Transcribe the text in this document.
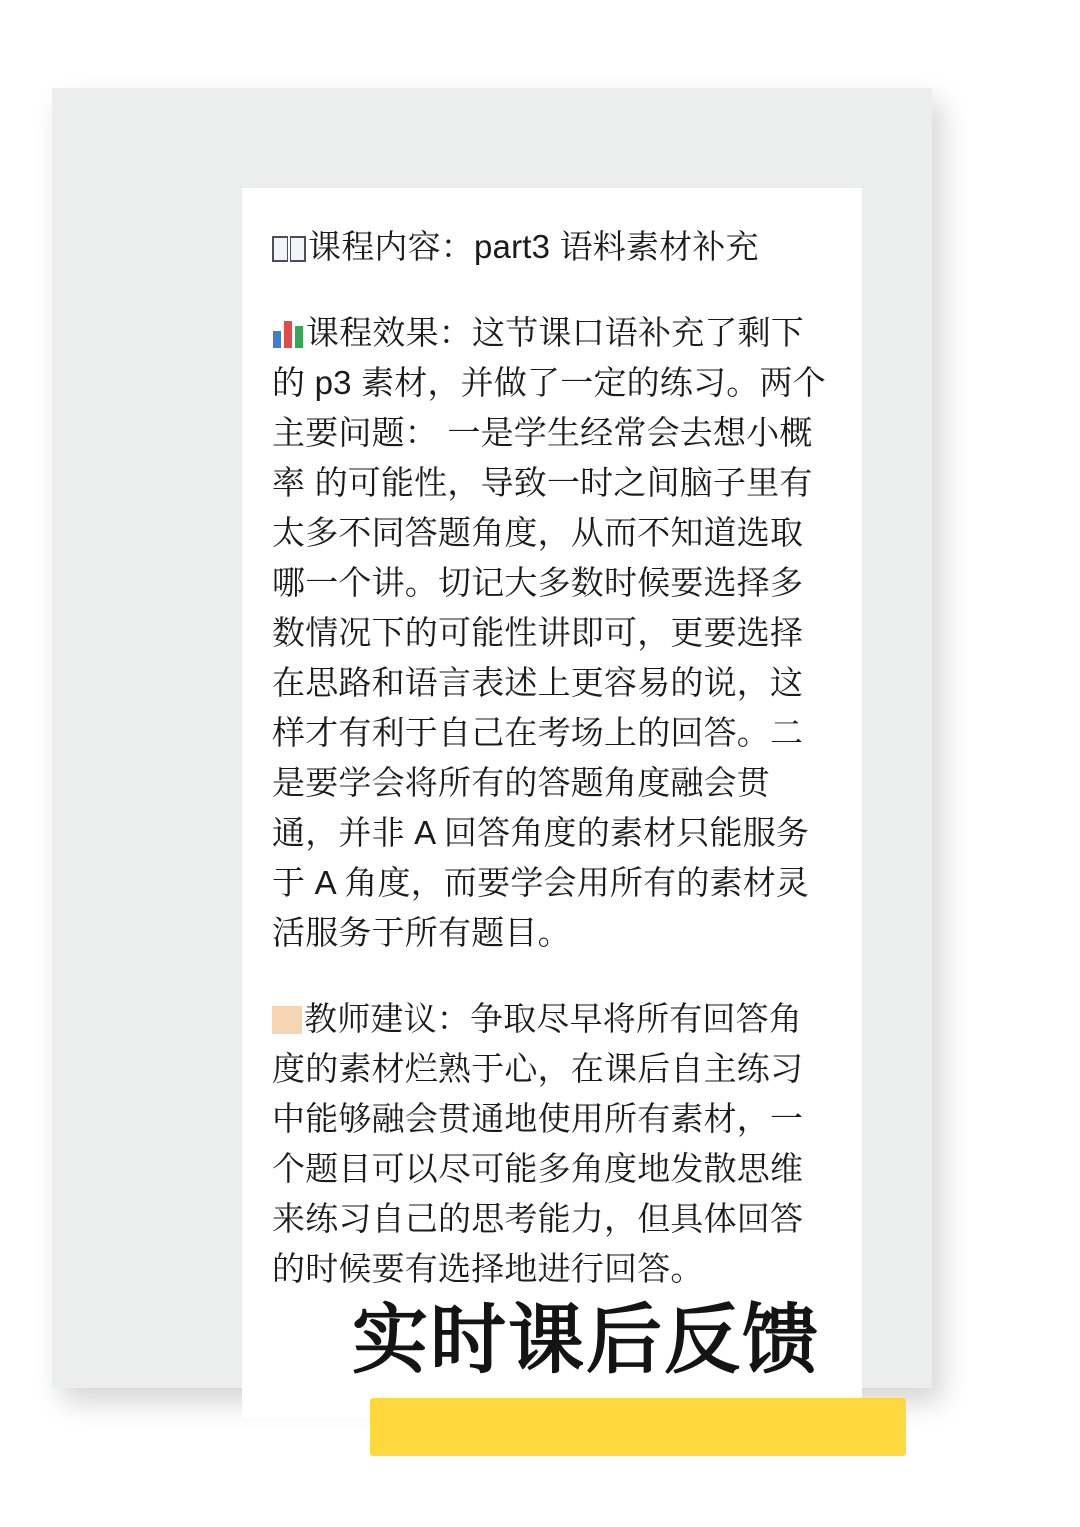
课程内容：part3 语料素材补充

课程效果：这节课口语补充了剩下的 p3 素材，并做了一定的练习。两个主要问题： 一是学生经常会去想小概率 的可能性，导致一时之间脑子里有太多不同答题角度，从而不知道选取哪一个讲。切记大多数时候要选择多数情况下的可能性讲即可，更要选择在思路和语言表述上更容易的说，这样才有利于自己在考场上的回答。二是要学会将所有的答题角度融会贯通，并非 A 回答角度的素材只能服务于 A 角度，而要学会用所有的素材灵活服务于所有题目。

教师建议：争取尽早将所有回答角度的素材烂熟于心，在课后自主练习中能够融会贯通地使用所有素材，一个题目可以尽可能多角度地发散思维来练习自己的思考能力，但具体回答的时候要有选择地进行回答。

实时课后反馈
